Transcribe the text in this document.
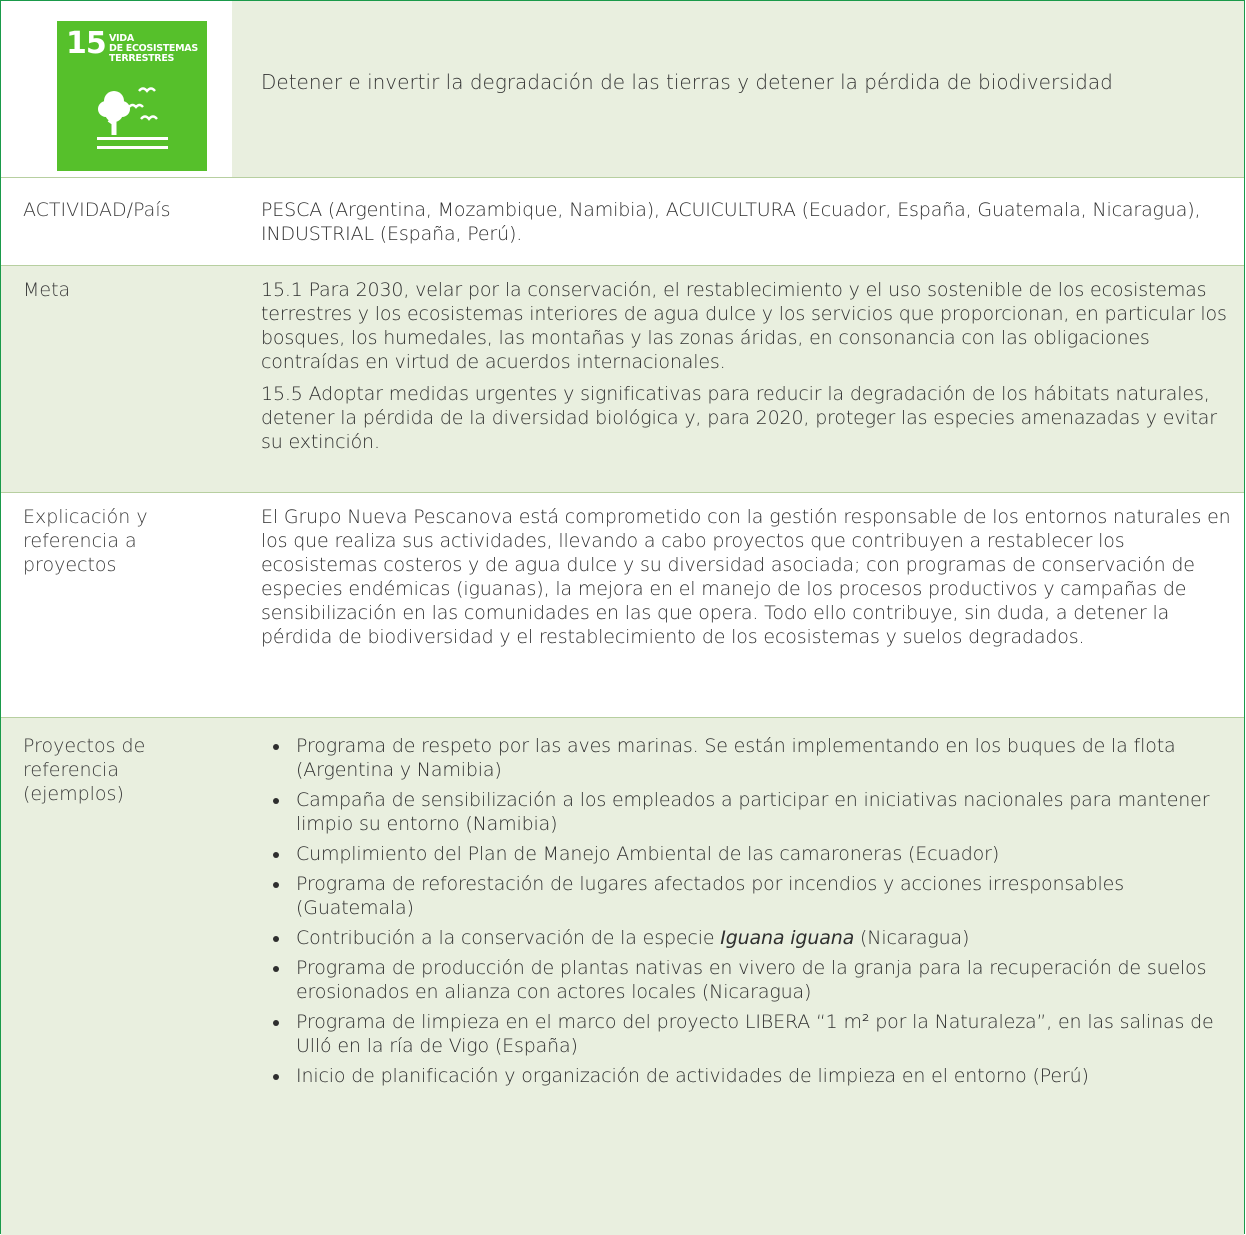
15 VIDA
DE ECOSISTEMAS
TERRESTRES
Detener e invertir la degradación de las tierras y detener la pérdida de biodiversidad
ACTIVIDAD/País	PESCA (Argentina, Mozambique, Namibia), ACUICULTURA (Ecuador, España, Guatemala, Nicaragua), INDUSTRIAL (España, Perú).
Meta	15.1 Para 2030, velar por la conservación, el restablecimiento y el uso sostenible de los ecosistemas terrestres y los ecosistemas interiores de agua dulce y los servicios que proporcionan, en particular los bosques, los humedales, las montañas y las zonas áridas, en consonancia con las obligaciones contraídas en virtud de acuerdos internacionales.

15.5 Adoptar medidas urgentes y significativas para reducir la degradación de los hábitats naturales, detener la pérdida de la diversidad biológica y, para 2020, proteger las especies amenazadas y evitar su extinción.

Explicación y referencia a proyectos
El Grupo Nueva Pescanova está comprometido con la gestión responsable de los entornos naturales en los que realiza sus actividades, llevando a cabo proyectos que contribuyen a restablecer los ecosistemas costeros y de agua dulce y su diversidad asociada; con programas de conservación de especies endémicas (iguanas), la mejora en el manejo de los procesos productivos y campañas de sensibilización en las comunidades en las que opera. Todo ello contribuye, sin duda, a detener la pérdida de biodiversidad y el restablecimiento de los ecosistemas y suelos degradados.
Proyectos de referencia (ejemplos)
Programa de respeto por las aves marinas. Se están implementando en los buques de la flota (Argentina y Namibia)
Campaña de sensibilización a los empleados a participar en iniciativas nacionales para mantener limpio su entorno (Namibia)
Cumplimiento del Plan de Manejo Ambiental de las camaroneras (Ecuador)
Programa de reforestación de lugares afectados por incendios y acciones irresponsables (Guatemala)
Contribución a la conservación de la especie Iguana iguana (Nicaragua)
Programa de producción de plantas nativas en vivero de la granja para la recuperación de suelos erosionados en alianza con actores locales (Nicaragua)
Programa de limpieza en el marco del proyecto LIBERA “1 m² por la Naturaleza”, en las salinas de Ulló en la ría de Vigo (España)
Inicio de planificación y organización de actividades de limpieza en el entorno (Perú)
